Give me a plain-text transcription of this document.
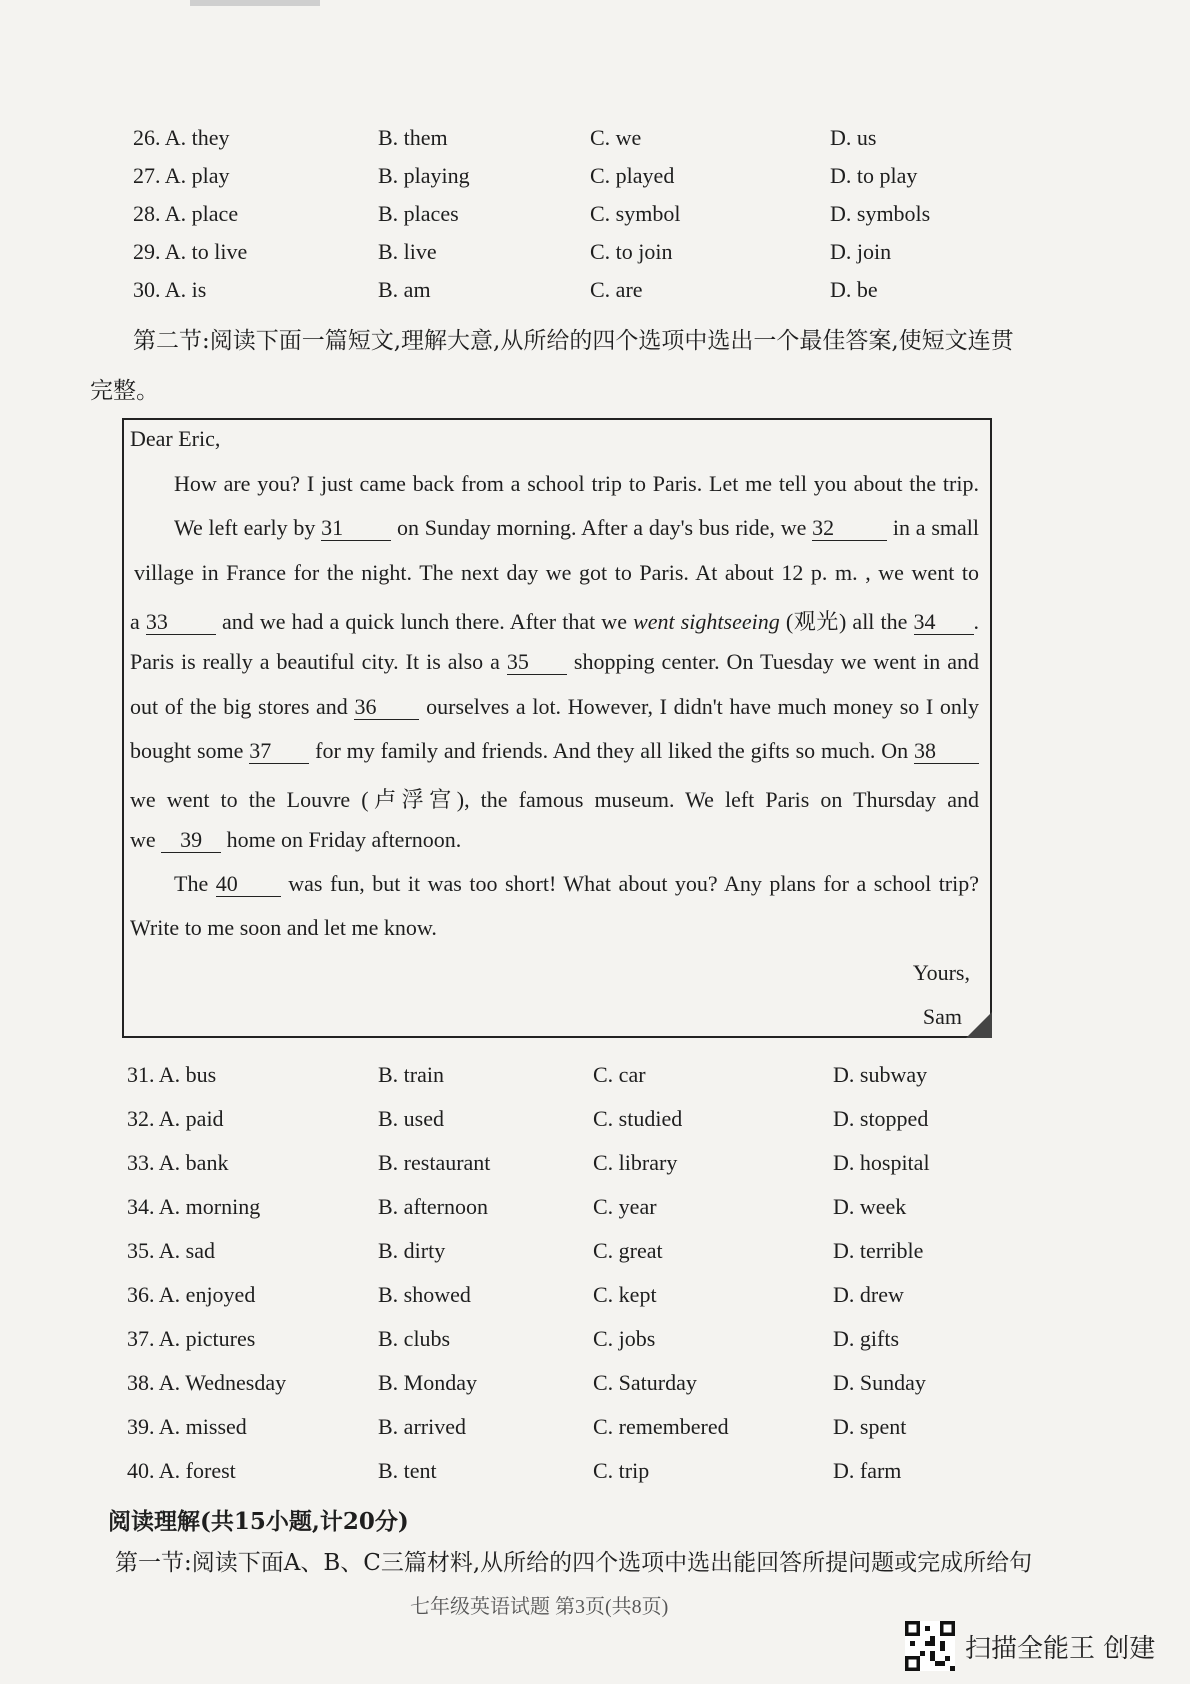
26. A. they	B. them	C. we	D. us
27. A. play	B. playing	C. played	D. to play
28. A. place	B. places	C. symbol	D. symbols
29. A. to live	B. live	C. to join	D. join
30. A. is	B. am	C. are	D. be
第二节:阅读下面一篇短文,理解大意,从所给的四个选项中选出一个最佳答案,使短文连贯
完整。
Dear Eric,
How are you? I just came back from a school trip to Paris. Let me tell you about the trip.
We left early by 31 on Sunday morning. After a day's bus ride, we 32	in a small
village in France for the night. The next day we got to Paris. At about 12 p. m. , we went to
a 33 and we had a quick lunch there. After that we went sightseeing (观光) all the 34 .
Paris is really a beautiful city. It is also a 35 shopping center. On Tuesday we went in and
out of the big stores and 36 ourselves a lot. However, I didn't have much money so I only
bought some 37 for my family and friends. And they all liked the gifts so much. On 38
we went to the Louvre (卢浮宫), the famous museum. We left Paris on Thursday and
we 39 home on Friday afternoon.
The 40 was fun, but it was too short! What about you? Any plans for a school trip?
Write to me soon and let me know.
Yours,
Sam
31. A. bus	B. train	C. car	D. subway
32. A. paid	B. used	C. studied	D. stopped
33. A. bank	B. restaurant	C. library	D. hospital
34. A. morning	B. afternoon	C. year	D. week
35. A. sad	B. dirty	C. great	D. terrible
36. A. enjoyed	B. showed	C. kept	D. drew
37. A. pictures	B. clubs	C. jobs	D. gifts
38. A. Wednesday	B. Monday	C. Saturday	D. Sunday
39. A. missed	B. arrived	C. remembered	D. spent
40. A. forest	B. tent	C. trip	D. farm
阅读理解(共15小题,计20分)
第一节:阅读下面A、B、C三篇材料,从所给的四个选项中选出能回答所提问题或完成所给句
七年级英语试题 第3页(共8页)
扫描全能王 创建
